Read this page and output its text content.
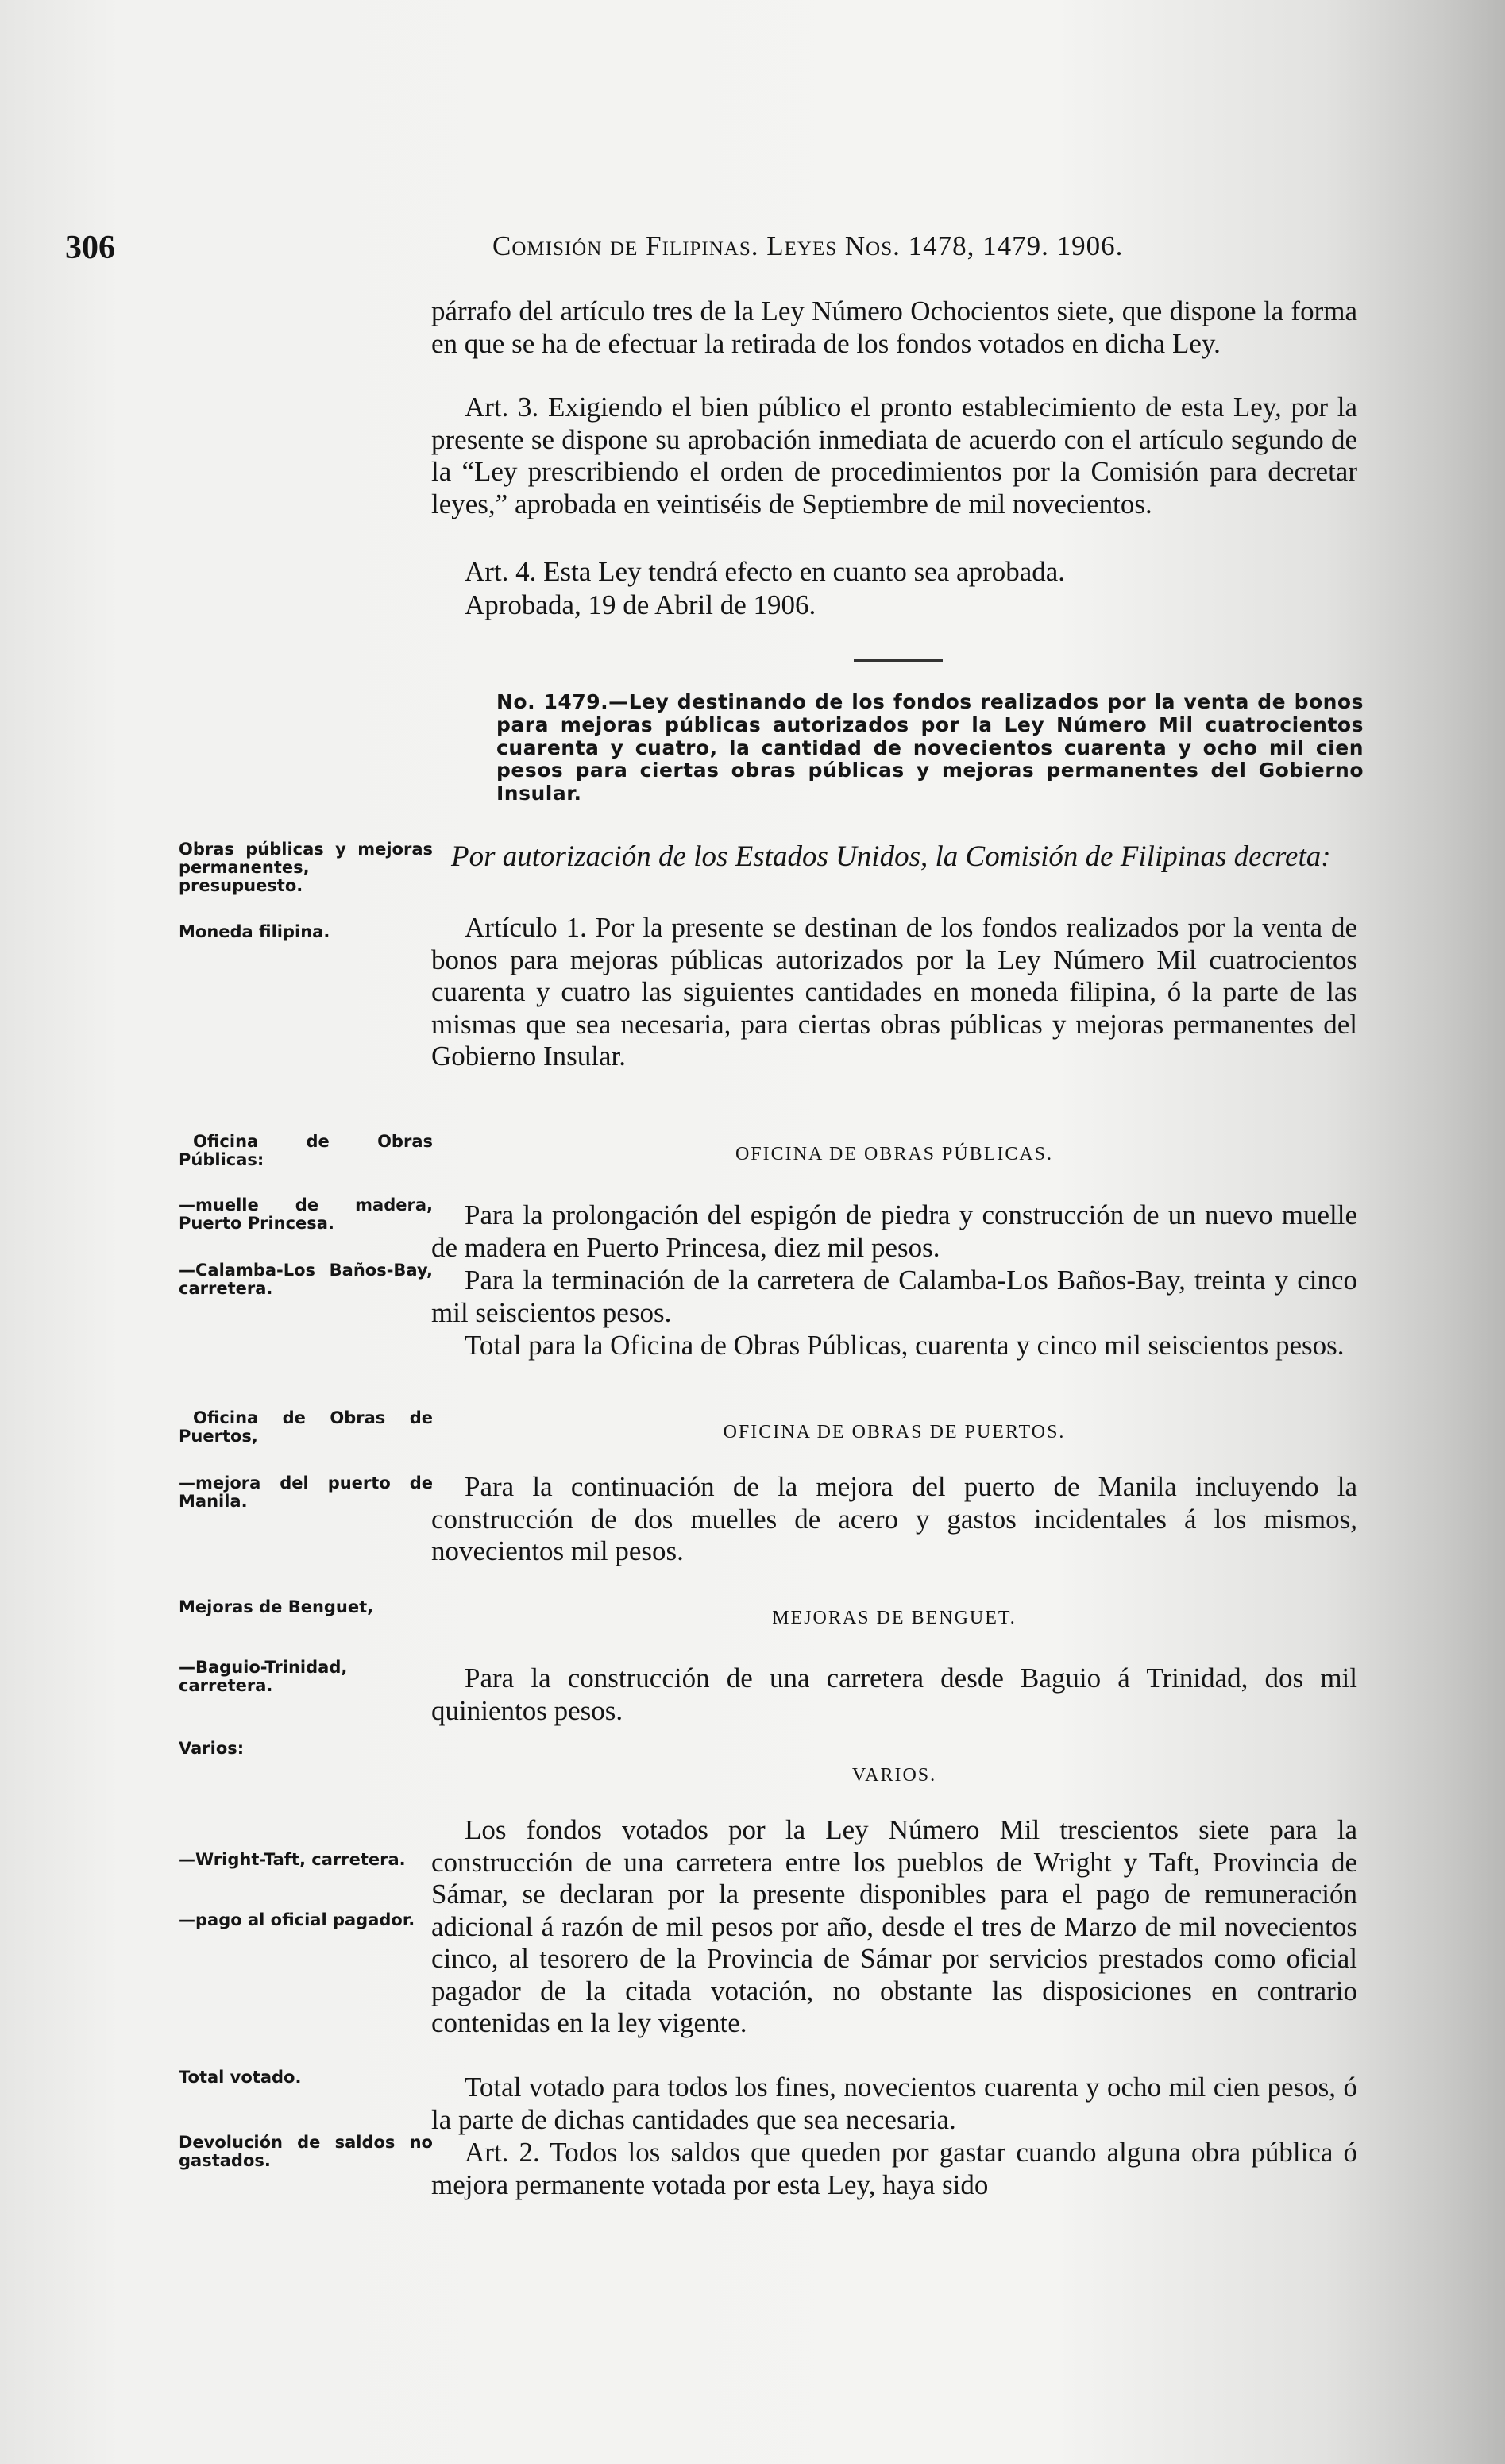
306	Comisión de Filipinas. Leyes Nos. 1478, 1479. 1906.
párrafo del artículo tres de la Ley Número Ochocientos siete, que dispone la forma en que se ha de efectuar la retirada de los fondos votados en dicha Ley.
Art. 3. Exigiendo el bien público el pronto establecimiento de esta Ley, por la presente se dispone su aprobación inmediata de acuerdo con el artículo segundo de la “Ley prescribiendo el orden de procedimientos por la Comisión para decretar leyes,” aprobada en veintiséis de Septiembre de mil novecientos.
Art. 4. Esta Ley tendrá efecto en cuanto sea aprobada.
Aprobada, 19 de Abril de 1906.
No. 1479.—Ley destinando de los fondos realizados por la venta de bonos para mejoras públicas autorizados por la Ley Número Mil cuatrocientos cuarenta y cuatro, la cantidad de novecientos cuarenta y ocho mil cien pesos para ciertas obras públicas y mejoras permanentes del Gobierno Insular.
Por autorización de los Estados Unidos, la Comisión de Filipinas decreta:
Artículo 1. Por la presente se destinan de los fondos realizados por la venta de bonos para mejoras públicas autorizados por la Ley Número Mil cuatrocientos cuarenta y cuatro las siguientes cantidades en moneda filipina, ó la parte de las mismas que sea necesaria, para ciertas obras públicas y mejoras permanentes del Gobierno Insular.
OFICINA DE OBRAS PÚBLICAS.
Para la prolongación del espigón de piedra y construcción de un nuevo muelle de madera en Puerto Princesa, diez mil pesos.
Para la terminación de la carretera de Calamba-Los Baños-Bay, treinta y cinco mil seiscientos pesos.
Total para la Oficina de Obras Públicas, cuarenta y cinco mil seiscientos pesos.
OFICINA DE OBRAS DE PUERTOS.
Para la continuación de la mejora del puerto de Manila incluyendo la construcción de dos muelles de acero y gastos incidentales á los mismos, novecientos mil pesos.
MEJORAS DE BENGUET.
Para la construcción de una carretera desde Baguio á Trinidad, dos mil quinientos pesos.
VARIOS.
Los fondos votados por la Ley Número Mil trescientos siete para la construcción de una carretera entre los pueblos de Wright y Taft, Provincia de Sámar, se declaran por la presente disponibles para el pago de remuneración adicional á razón de mil pesos por año, desde el tres de Marzo de mil novecientos cinco, al tesorero de la Provincia de Sámar por servicios prestados como oficial pagador de la citada votación, no obstante las disposiciones en contrario contenidas en la ley vigente.
Total votado para todos los fines, novecientos cuarenta y ocho mil cien pesos, ó la parte de dichas cantidades que sea necesaria.
Art. 2. Todos los saldos que queden por gastar cuando alguna obra pública ó mejora permanente votada por esta Ley, haya sido
Obras públicas y mejoras permanentes, presupuesto.
Moneda filipina.
Oficina de Obras Públicas:
—muelle de madera, Puerto Princesa.
—Calamba-Los Baños-Bay, carretera.
Oficina de Obras de Puertos,
—mejora del puerto de Manila.
Mejoras de Benguet,
—Baguio-Trinidad, carretera.
Varios:
—Wright-Taft, carretera.
—pago al oficial pagador.
Total votado.
Devolución de saldos no gastados.
